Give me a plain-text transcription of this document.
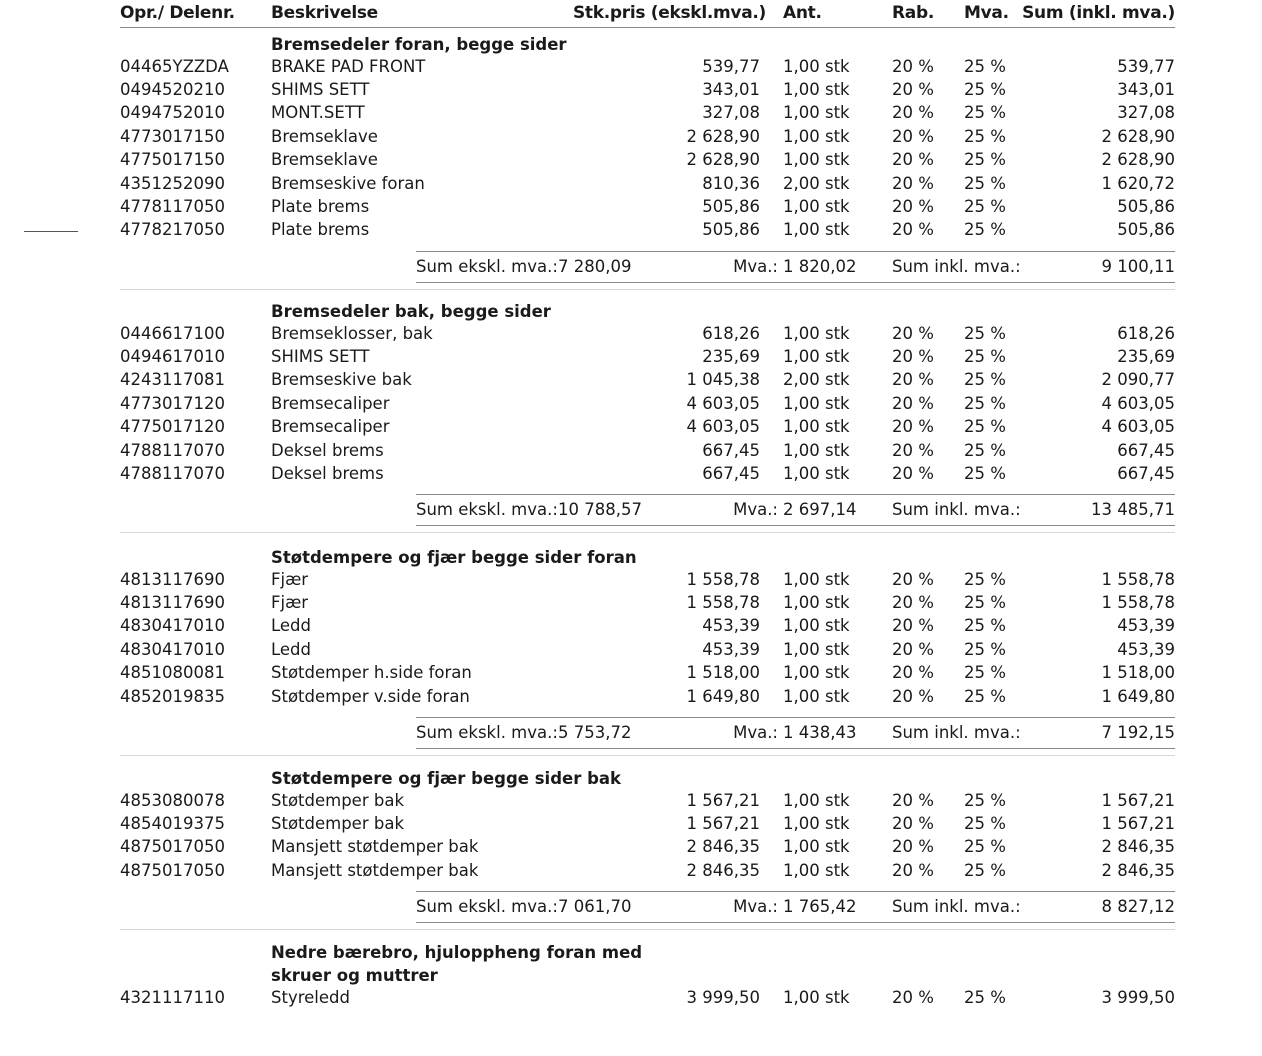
Opr./ Delenr. Beskrivelse	Stk.pris (ekskl.mva.) Ant.	Rab. Mva. Sum (inkl. mva.)
Bremsedeler foran, begge sider
04465YZZDA	BRAKE PAD FRONT	539,77 1,00 stk	20 % 25 %	539,77
0494520210	SHIMS SETT	343,01 1,00 stk	20 % 25 %	343,01
0494752010	MONT.SETT	327,08 1,00 stk	20 % 25 %	327,08
4773017150	Bremseklave	2 628,90 1,00 stk	20 % 25 %	2 628,90
4775017150	Bremseklave	2 628,90 1,00 stk	20 % 25 %	2 628,90
4351252090	Bremseskive foran	810,36 2,00 stk	20 % 25 %	1 620,72
4778117050	Plate brems	505,86 1,00 stk	20 % 25 %	505,86
4778217050	Plate brems	505,86 1,00 stk	20 % 25 %	505,86
Sum ekskl. mva.: 7 280,09	Mva.: 1 820,02 Sum inkl. mva.:	9 100,11
Bremsedeler bak, begge sider
0446617100	Bremseklosser, bak	618,26 1,00 stk	20 % 25 %	618,26
0494617010	SHIMS SETT	235,69 1,00 stk	20 % 25 %	235,69
4243117081	Bremseskive bak	1 045,38 2,00 stk	20 % 25 %	2 090,77
4773017120	Bremsecaliper	4 603,05 1,00 stk	20 % 25 %	4 603,05
4775017120	Bremsecaliper	4 603,05 1,00 stk	20 % 25 %	4 603,05
4788117070	Deksel brems	667,45 1,00 stk	20 % 25 %	667,45
4788117070	Deksel brems	667,45 1,00 stk	20 % 25 %	667,45
Sum ekskl. mva.: 10 788,57	Mva.: 2 697,14 Sum inkl. mva.:	13 485,71
Støtdempere og fjær begge sider foran
4813117690	Fjær	1 558,78 1,00 stk	20 % 25 %	1 558,78
4813117690	Fjær	1 558,78 1,00 stk	20 % 25 %	1 558,78
4830417010	Ledd	453,39 1,00 stk	20 % 25 %	453,39
4830417010	Ledd	453,39 1,00 stk	20 % 25 %	453,39
4851080081	Støtdemper h.side foran	1 518,00 1,00 stk	20 % 25 %	1 518,00
4852019835	Støtdemper v.side foran	1 649,80 1,00 stk	20 % 25 %	1 649,80
Sum ekskl. mva.: 5 753,72	Mva.: 1 438,43 Sum inkl. mva.:	7 192,15
Støtdempere og fjær begge sider bak
4853080078	Støtdemper bak	1 567,21 1,00 stk	20 % 25 %	1 567,21
4854019375	Støtdemper bak	1 567,21 1,00 stk	20 % 25 %	1 567,21
4875017050	Mansjett støtdemper bak	2 846,35 1,00 stk	20 % 25 %	2 846,35
4875017050	Mansjett støtdemper bak	2 846,35 1,00 stk	20 % 25 %	2 846,35
Sum ekskl. mva.: 7 061,70	Mva.: 1 765,42 Sum inkl. mva.:	8 827,12
Nedre bærebro, hjuloppheng foran med skruer og muttrer
4321117110	Styreledd	3 999,50 1,00 stk	20 % 25 %	3 999,50
